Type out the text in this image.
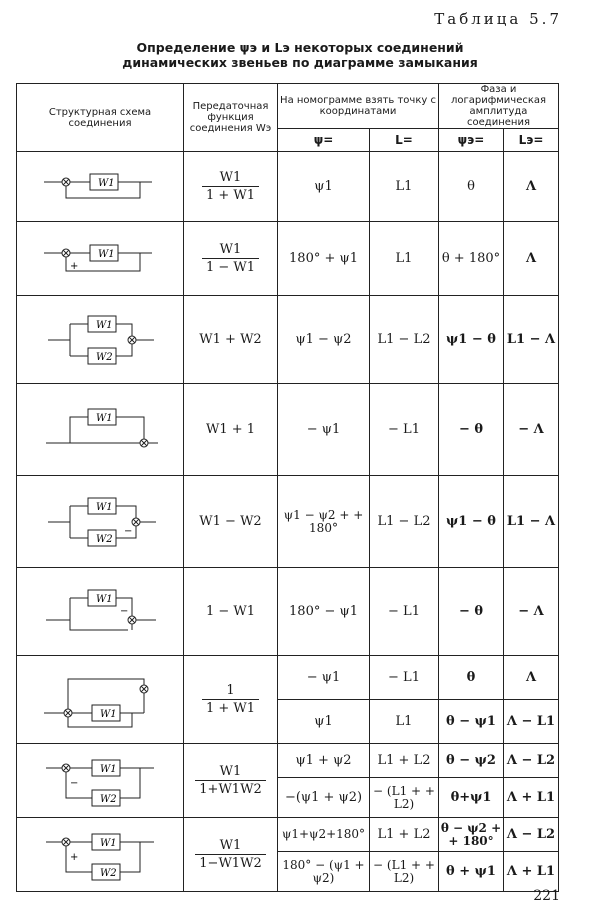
Таблица 5.7
Определение ψэ и Lэ некоторых соединений
динамических звеньев по диаграмме замыкания
Структурная схема соединения	Передаточная функция соединения Wэ	На номограмме взять точку с координатами		Фаза и логарифмическая амплитуда соединения	
		ψ=	L=	ψэ=	Lэ=

W1	$\frac{W1}{1 + W1}$	ψ1	L1	θ	Λ

W1
+	$\frac{W1}{1 - W1}$	180° + ψ1	L1	θ + 180°	Λ

W1
W2	W1 + W2	ψ1 − ψ2	L1 − L2	ψ1 − θ	L1 − Λ

W1	W1 + 1	− ψ1	− L1	− θ	− Λ

W1
W2
−	W1 − W2	ψ1 − ψ2 + + 180°	L1 − L2	ψ1 − θ	L1 − Λ

W1
−	1 − W1	180° − ψ1	− L1	− θ	− Λ

W1	$\frac{1}{1 + W1}$	− ψ1	− L1	θ	Λ
		ψ1	L1	θ − ψ1	Λ − L1

W1
W2
−	$\frac{W1}{1+W1W2}$	ψ1 + ψ2	L1 + L2	θ − ψ2	Λ − L2
		−(ψ1 + ψ2)	− (L1 + + L2)	θ+ψ1	Λ + L1

W1
W2
+	$\frac{W1}{1-W1W2}$	ψ1+ψ2+180°	L1 + L2	θ − ψ2 + + 180°	Λ − L2
		180° − (ψ1 + ψ2)	− (L1 + + L2)	θ + ψ1	Λ + L1
221
